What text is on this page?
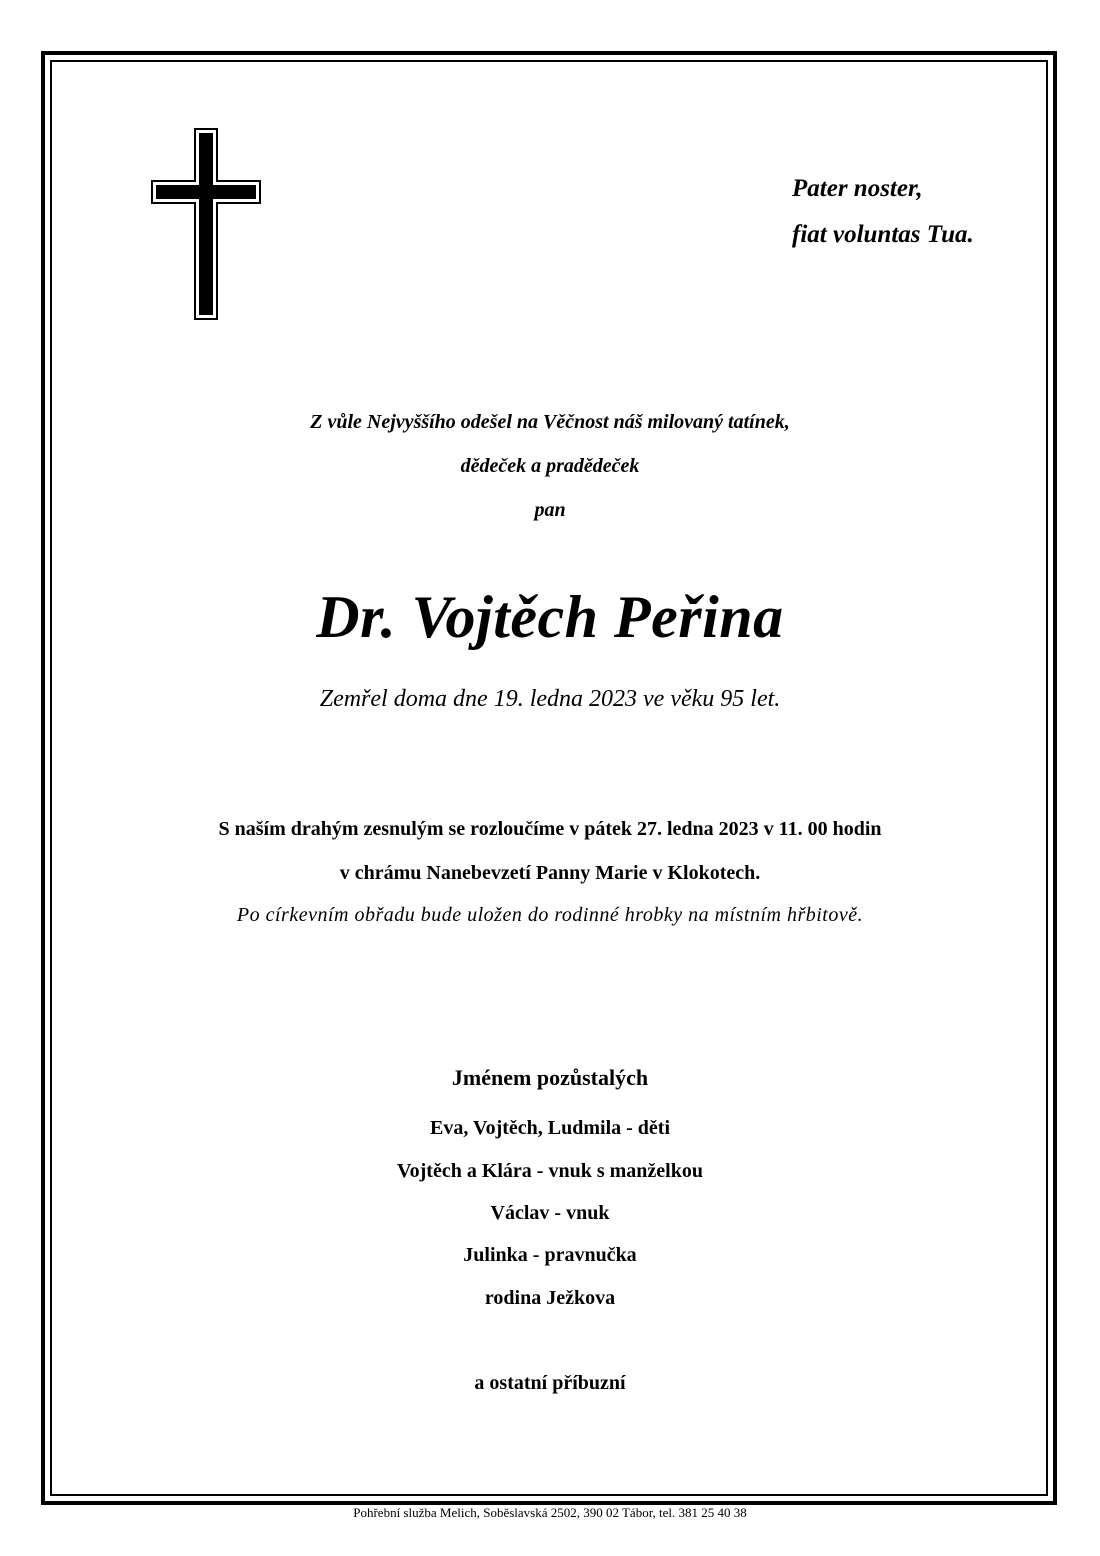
Pater noster,
fiat voluntas Tua.
Z vůle Nejvyššího odešel na Věčnost náš milovaný tatínek,
dědeček a pradědeček
pan
Dr. Vojtěch Peřina
Zemřel doma dne 19. ledna 2023 ve věku 95 let.
S naším drahým zesnulým se rozloučíme v pátek 27. ledna 2023 v 11. 00 hodin
v chrámu Nanebevzetí Panny Marie v Klokotech.
Po církevním obřadu bude uložen do rodinné hrobky na místním hřbitově.
Jménem pozůstalých
Eva, Vojtěch, Ludmila - děti
Vojtěch a Klára - vnuk s manželkou
Václav - vnuk
Julinka - pravnučka
rodina Ježkova
a ostatní příbuzní
Pohřební služba Melich, Soběslavská 2502, 390 02 Tábor, tel. 381 25 40 38
